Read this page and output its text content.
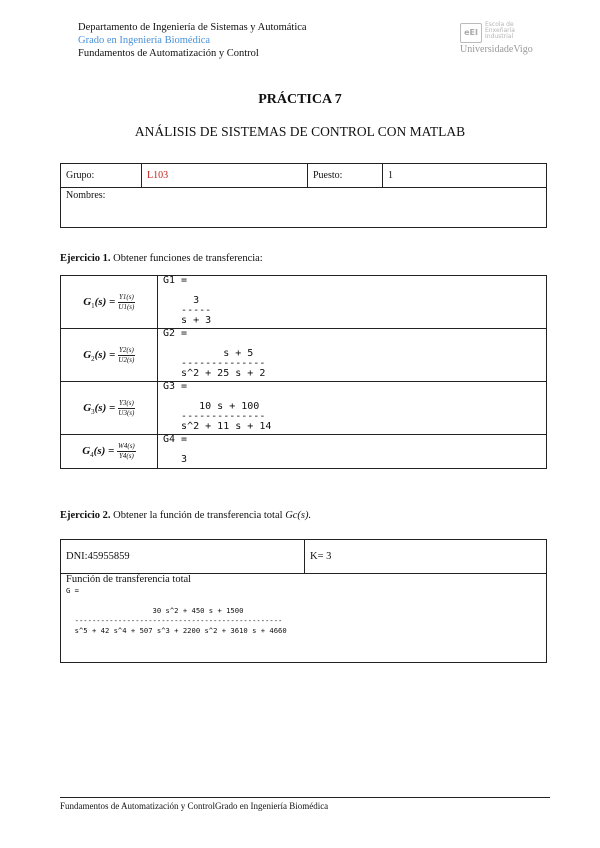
Departamento de Ingeniería de Sistemas y Automática
Grado en Ingeniería Biomédica
Fundamentos de Automatización y Control
eEI
Escola de Enxeñaría Industrial
UniversidadeVigo
PRÁCTICA 7
ANÁLISIS DE SISTEMAS DE CONTROL CON MATLAB
Grupo:	L103	Puesto:	1
Nombres:
Ejercicio 1. Obtener funciones de transferencia:
$G_1(s) = \frac{Y1(s)}{U1(s)}$	G1 =

3
-----
s + 3
$G_2(s) = \frac{Y2(s)}{U2(s)}$	G2 =

s + 5
--------------
s^2 + 25 s + 2
$G_3(s) = \frac{Y3(s)}{U3(s)}$	G3 =

10 s + 100
--------------
s^2 + 11 s + 14
$G_4(s) = \frac{W4(s)}{Y4(s)}$	G4 =

3
Ejercicio 2. Obtener la función de transferencia total Gc(s).
DNI:45955859	K= 3

Función de transferencia total
G =

30 s^2 + 450 s + 1500
------------------------------------------------
s^5 + 42 s^4 + 507 s^3 + 2200 s^2 + 3610 s + 4660
Fundamentos de Automatización y ControlGrado en Ingeniería Biomédica
